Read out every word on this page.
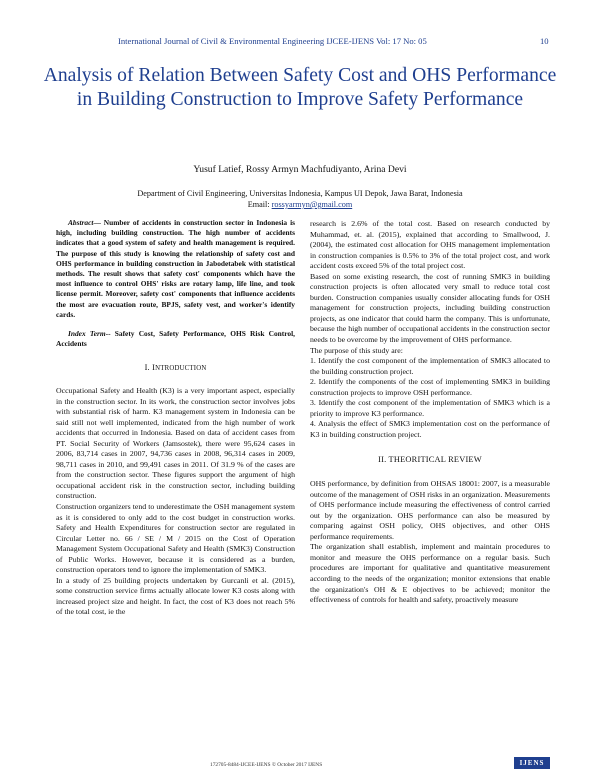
International Journal of Civil & Environmental Engineering IJCEE-IJENS Vol: 17 No: 05	10
Analysis of Relation Between Safety Cost and OHS Performance in Building Construction to Improve Safety Performance
Yusuf Latief, Rossy Armyn Machfudiyanto, Arina Devi
Department of Civil Engineering, Universitas Indonesia, Kampus UI Depok, Jawa Barat, Indonesia
Email: rossyarmyn@gmail.com

Abstract— Number of accidents in construction sector in Indonesia is high, including building construction. The high number of accidents indicates that a good system of safety and health management is required. The purpose of this study is knowing the relationship of safety cost and OHS performance in building construction in Jabodetabek with statistical methods. The result shows that safety cost' components which have the most influence to control OHS' risks are rotary lamp, life line, and took license permit. Moreover, safety cost' components that influence accidents the most are evacuation route, BPJS, safety vest, and worker's identify cards.

Index Term-- Safety Cost, Safety Performance, OHS Risk Control, Accidents

I. INTRODUCTION

Occupational Safety and Health (K3) is a very important aspect, especially in the construction sector. In its work, the construction sector involves jobs with substantial risk of harm. K3 management system in Indonesia can be said still not well implemented, indicated from the high number of work accidents that occurred in Indonesia. Based on data of accident cases from PT. Social Security of Workers (Jamsostek), there were 95,624 cases in 2006, 83,714 cases in 2007, 94,736 cases in 2008, 96,314 cases in 2009, 98,711 cases in 2010, and 99,491 cases in 2011. Of 31.9 % of the cases are from the construction sector. These figures support the argument of high occupational accident risk in the construction sector, including building construction.

Construction organizers tend to underestimate the OSH management system as it is considered to only add to the cost budget in construction works. Safety and Health Expenditures for construction sector are regulated in Circular Letter no. 66 / SE / M / 2015 on the Cost of Operation Management System Occupational Safety and Health (SMK3) Construction of Public Works. However, because it is considered as a burden, construction operators tend to ignore the implementation of SMK3.

In a study of 25 building projects undertaken by Gurcanli et al. (2015), some construction service firms actually allocate lower K3 costs along with increased project size and height. In fact, the cost of K3 does not reach 5% of the total cost, ie the

research is 2.6% of the total cost. Based on research conducted by Muhammad, et. al. (2015), explained that according to Smallwood, J. (2004), the estimated cost allocation for OHS management implementation in construction companies is 0.5% to 3% of the total project cost, and work accident costs exceed 5% of the total project cost.

Based on some existing research, the cost of running SMK3 in building construction projects is often allocated very small to reduce total cost burden. Construction companies usually consider allocating funds for OSH management for construction projects, including building construction projects, as one indicator that could harm the company. This is unfortunate, because the high number of occupational accidents in the construction sector needs to be overcome by the improvement of OHS performance.

The purpose of this study are:

1. Identify the cost component of the implementation of SMK3 allocated to the building construction project.

2. Identify the components of the cost of implementing SMK3 in building construction projects to improve OSH performance.

3. Identify the cost component of the implementation of SMK3 which is a priority to improve K3 performance.

4. Analysis the effect of SMK3 implementation cost on the performance of K3 in building construction project.

II. THEORITICAL REVIEW

OHS performance, by definition from OHSAS 18001: 2007, is a measurable outcome of the management of OSH risks in an organization. Measurements of OHS performance include measuring the effectiveness of control carried out by the organization. OHS performance can also be measured by comparing against OSH policy, OHS objectives, and other OHS performance requirements.

The organization shall establish, implement and maintain procedures to monitor and measure the OHS performance on a regular basis. Such procedures are important for qualitative and quantitative measurement according to the needs of the organization; monitor extensions that enable the organization's OH & E objectives to be achieved; monitor the effectiveness of controls for health and safety, proactively measure

172705-8484-IJCEE-IJENS © October 2017 IJENS	IJENS
